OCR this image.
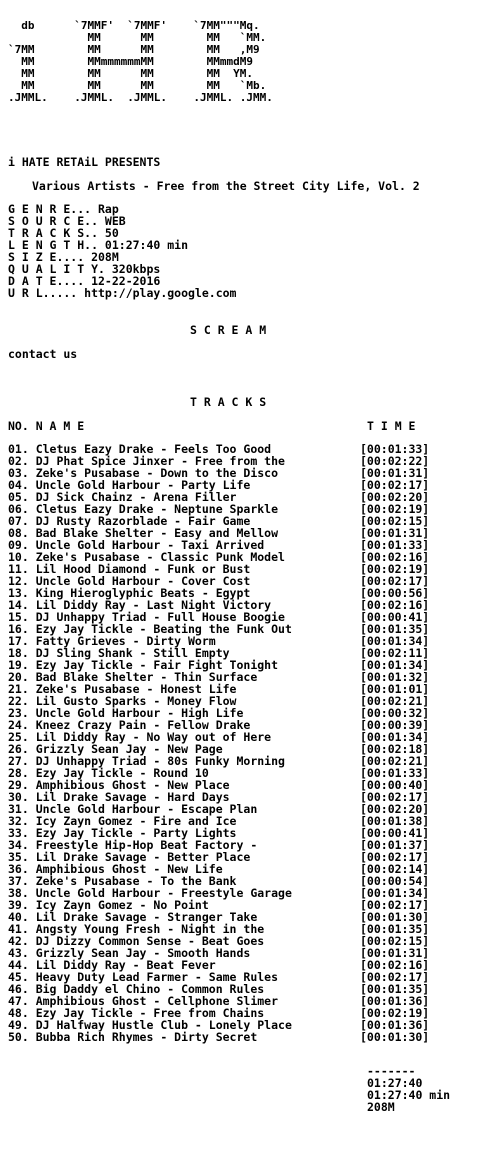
db      `7MMF'  `7MMF'    `7MM"""Mq.
MM      MM        MM   `MM.
`7MM        MM      MM        MM   ,M9
MM        MMmmmmmmMM        MMmmdM9
MM        MM      MM        MM  YM.
MM        MM      MM        MM   `Mb.
.JMML.    .JMML.  .JMML.    .JMML. .JMM.
i HATE RETAiL PRESENTS
Various Artists - Free from the Street City Life, Vol. 2
G E N R E... Rap
S O U R C E.. WEB
T R A C K S.. 50
L E N G T H.. 01:27:40 min
S I Z E.... 208M
Q U A L I T Y. 320kbps
D A T E.... 12-22-2016
U R L..... http://play.google.com
S C R E A M
contact us
T R A C K S
NO. N A M E	T I M E
01. Cletus Eazy Drake - Feels Too Good	[00:01:33]
02. DJ Phat Spice Jinxer - Free from the	[00:02:22]
03. Zeke's Pusabase - Down to the Disco	[00:01:31]
04. Uncle Gold Harbour - Party Life	[00:02:17]
05. DJ Sick Chainz - Arena Filler	[00:02:20]
06. Cletus Eazy Drake - Neptune Sparkle	[00:02:19]
07. DJ Rusty Razorblade - Fair Game	[00:02:15]
08. Bad Blake Shelter - Easy and Mellow	[00:01:31]
09. Uncle Gold Harbour - Taxi Arrived	[00:01:33]
10. Zeke's Pusabase - Classic Punk Model	[00:02:16]
11. Lil Hood Diamond - Funk or Bust	[00:02:19]
12. Uncle Gold Harbour - Cover Cost	[00:02:17]
13. King Hieroglyphic Beats - Egypt	[00:00:56]
14. Lil Diddy Ray - Last Night Victory	[00:02:16]
15. DJ Unhappy Triad - Full House Boogie	[00:00:41]
16. Ezy Jay Tickle - Beating the Funk Out	[00:01:35]
17. Fatty Grieves - Dirty Worm	[00:01:34]
18. DJ Sling Shank - Still Empty	[00:02:11]
19. Ezy Jay Tickle - Fair Fight Tonight	[00:01:34]
20. Bad Blake Shelter - Thin Surface	[00:01:32]
21. Zeke's Pusabase - Honest Life	[00:01:01]
22. Lil Gusto Sparks - Money Flow	[00:02:21]
23. Uncle Gold Harbour - High Life	[00:00:32]
24. Kneez Crazy Pain - Fellow Drake	[00:00:39]
25. Lil Diddy Ray - No Way out of Here	[00:01:34]
26. Grizzly Sean Jay - New Page	[00:02:18]
27. DJ Unhappy Triad - 80s Funky Morning	[00:02:21]
28. Ezy Jay Tickle - Round 10	[00:01:33]
29. Amphibious Ghost - New Place	[00:00:40]
30. Lil Drake Savage - Hard Days	[00:02:17]
31. Uncle Gold Harbour - Escape Plan	[00:02:20]
32. Icy Zayn Gomez - Fire and Ice	[00:01:38]
33. Ezy Jay Tickle - Party Lights	[00:00:41]
34. Freestyle Hip-Hop Beat Factory -	[00:01:37]
35. Lil Drake Savage - Better Place	[00:02:17]
36. Amphibious Ghost - New Life	[00:02:14]
37. Zeke's Pusabase - To the Bank	[00:00:54]
38. Uncle Gold Harbour - Freestyle Garage	[00:01:34]
39. Icy Zayn Gomez - No Point	[00:02:17]
40. Lil Drake Savage - Stranger Take	[00:01:30]
41. Angsty Young Fresh - Night in the	[00:01:35]
42. DJ Dizzy Common Sense - Beat Goes	[00:02:15]
43. Grizzly Sean Jay - Smooth Hands	[00:01:31]
44. Lil Diddy Ray - Beat Fever	[00:02:16]
45. Heavy Duty Lead Farmer - Same Rules	[00:02:17]
46. Big Daddy el Chino - Common Rules	[00:01:35]
47. Amphibious Ghost - Cellphone Slimer	[00:01:36]
48. Ezy Jay Tickle - Free from Chains	[00:02:19]
49. DJ Halfway Hustle Club - Lonely Place	[00:01:36]
50. Bubba Rich Rhymes - Dirty Secret	[00:01:30]
-------
01:27:40
01:27:40 min
208M
